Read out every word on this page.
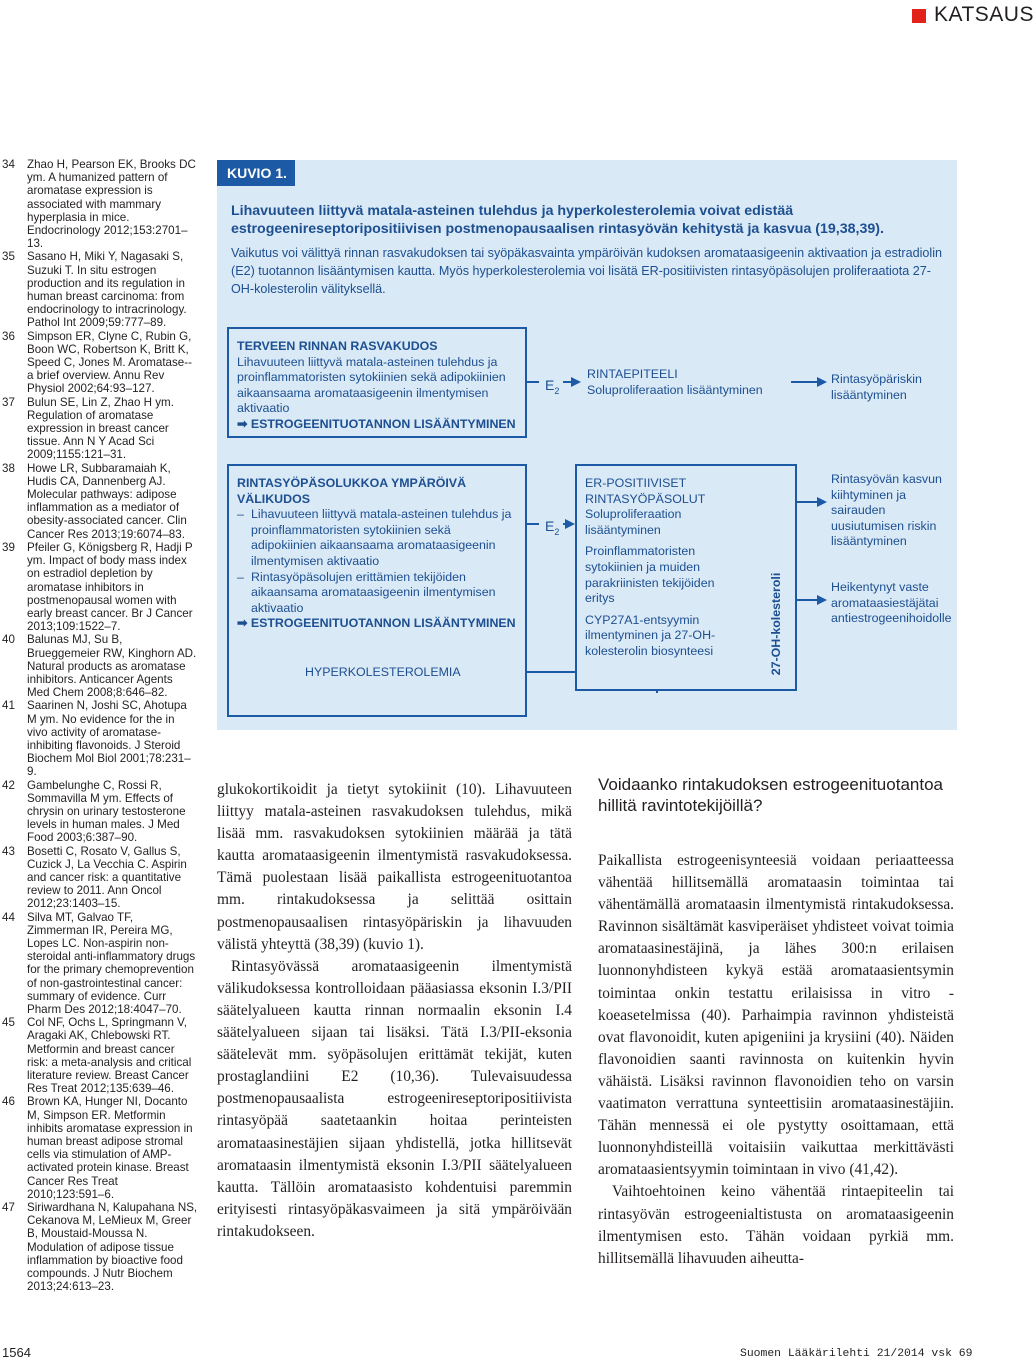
KATSAUS
34	Zhao H, Pearson EK, Brooks DC ym. A humanized pattern of aromatase expression is associated with mammary hyperplasia in mice. Endocrinology 2012;153:2701–13.
35	Sasano H, Miki Y, Nagasaki S, Suzuki T. In situ estrogen production and its regulation in human breast carcinoma: from endocrinology to intracrinology. Pathol Int 2009;59:777–89.
36	Simpson ER, Clyne C, Rubin G, Boon WC, Robertson K, Britt K, Speed C, Jones M. Aromatase--a brief overview. Annu Rev Physiol 2002;64:93–127.
37	Bulun SE, Lin Z, Zhao H ym. Regulation of aromatase expression in breast cancer tissue. Ann N Y Acad Sci 2009;1155:121–31.
38	Howe LR, Subbaramaiah K, Hudis CA, Dannenberg AJ. Molecular pathways: adipose inflammation as a mediator of obesity-associated cancer. Clin Cancer Res 2013;19:6074–83.
39	Pfeiler G, Königsberg R, Hadji P ym. Impact of body mass index on estradiol depletion by aromatase inhibitors in postmenopausal women with early breast cancer. Br J Cancer 2013;109:1522–7.
40	Balunas MJ, Su B, Brueggemeier RW, Kinghorn AD. Natural products as aromatase inhibitors. Anticancer Agents Med Chem 2008;8:646–82.
41	Saarinen N, Joshi SC, Ahotupa M ym. No evidence for the in vivo activity of aromatase-inhibiting flavonoids. J Steroid Biochem Mol Biol 2001;78:231–9.
42	Gambelunghe C, Rossi R, Sommavilla M ym. Effects of chrysin on urinary testosterone levels in human males. J Med Food 2003;6:387–90.
43	Bosetti C, Rosato V, Gallus S, Cuzick J, La Vecchia C. Aspirin and cancer risk: a quantitative review to 2011. Ann Oncol 2012;23:1403–15.
44	Silva MT, Galvao TF, Zimmerman IR, Pereira MG, Lopes LC. Non-aspirin non-steroidal anti-inflammatory drugs for the primary chemoprevention of non-gastrointestinal cancer: summary of evidence. Curr Pharm Des 2012;18:4047–70.
45	Col NF, Ochs L, Springmann V, Aragaki AK, Chlebowski RT. Metformin and breast cancer risk: a meta-analysis and critical literature review. Breast Cancer Res Treat 2012;135:639–46.
46	Brown KA, Hunger NI, Docanto M, Simpson ER. Metformin inhibits aromatase expression in human breast adipose stromal cells via stimulation of AMP-activated protein kinase. Breast Cancer Res Treat 2010;123:591–6.
47	Siriwardhana N, Kalupahana NS, Cekanova M, LeMieux M, Greer B, Moustaid-Moussa N. Modulation of adipose tissue inflammation by bioactive food compounds. J Nutr Biochem 2013;24:613–23.
KUVIO 1.
Lihavuuteen liittyvä matala-asteinen tulehdus ja hyperkolesterolemia voivat edistää estrogeenireseptoripositiivisen postmenopausaalisen rintasyövän kehitystä ja kasvua (19,38,39).
Vaikutus voi välittyä rinnan rasvakudoksen tai syöpäkasvainta ympäröivän kudoksen aromataasigeenin aktivaation ja estradiolin (E2) tuotannon lisääntymisen kautta. Myös hyperkolesterolemia voi lisätä ER-positiivisten rintasyöpäsolujen proliferaatiota 27-OH-kolesterolin välityksellä.
TERVEEN RINNAN RASVAKUDOS
Lihavuuteen liittyvä matala-asteinen tulehdus ja proinflammatoristen sytokiinien sekä adipokiinien aikaansaama aromataasigeenin ilmentymisen aktivaatio
➡ ESTROGEENITUOTANNON LISÄÄNTYMINEN
RINTASYÖPÄSOLUKKOA YMPÄRÖIVÄ VÄLIKUDOS
– Lihavuuteen liittyvä matala-asteinen tulehdus ja proinflammatoristen sytokiinien sekä adipokiinien aikaansaama aromataasigeenin ilmentymisen aktivaatio
– Rintasyöpäsolujen erittämien tekijöiden aikaansama aromataasigeenin ilmentymisen aktivaatio
➡ ESTROGEENITUOTANNON LISÄÄNTYMINEN
HYPERKOLESTEROLEMIA
$E_2$
$E_2$
RINTAEPITEELI
Soluproliferaation lisääntyminen
ER-POSITIIVISET RINTASYÖPÄSOLUT
Soluproliferaation lisääntyminen
Proinflammatoristen sytokiinien ja muiden parakriinisten tekijöiden eritys
CYP27A1-entsyymin ilmentyminen ja 27-OH-kolesterolin biosynteesi	27-OH-kolesteroli
Rintasyöpäriskin lisääntyminen
Rintasyövän kasvun kiihtyminen ja sairauden uusiutumisen riskin lisääntyminen
Heikentynyt vaste aromataasiestäjätai antiestrogeenihoidolle

glukokortikoidit ja tietyt sytokiinit (10). Lihavuuteen liittyy matala-asteinen rasvakudoksen tulehdus, mikä lisää mm. rasvakudoksen sytokiinien määrää ja tätä kautta aromataasigeenin ilmentymistä rasvakudoksessa. Tämä puolestaan lisää paikallista estrogeenituotantoa mm. rintakudoksessa ja selittää osittain postmenopausaalisen rintasyöpäriskin ja lihavuuden välistä yhteyttä (38,39) (kuvio 1).

Rintasyövässä aromataasigeenin ilmentymistä välikudoksessa kontrolloidaan pääasiassa eksonin I.3/PII säätelyalueen kautta rinnan normaalin eksonin I.4 säätelyalueen sijaan tai lisäksi. Tätä I.3/PII-eksonia säätelevät mm. syöpäsolujen erittämät tekijät, kuten prostaglandiini E2 (10,36). Tulevaisuudessa postmenopausaalista estrogeenireseptoripositiivista rintasyöpää saatetaankin hoitaa perinteisten aromataasinestäjien sijaan yhdistellä, jotka hillitsevät aromataasin ilmentymistä eksonin I.3/PII säätelyalueen kautta. Tällöin aromataasisto kohdentuisi paremmin erityisesti rintasyöpäkasvaimeen ja sitä ympäröivään rintakudokseen.

Voidaanko rintakudoksen estrogeenituotantoa hillitä ravintotekijöillä?

Paikallista estrogeenisynteesiä voidaan periaatteessa vähentää hillitsemällä aromataasin toimintaa tai vähentämällä aromataasin ilmentymistä rintakudoksessa. Ravinnon sisältämät kasviperäiset yhdisteet voivat toimia aromataasinestäjinä, ja lähes 300:n erilaisen luonnonyhdisteen kykyä estää aromataasientsymin toimintaa onkin testattu erilaisissa in vitro -koeasetelmissa (40). Parhaimpia ravinnon yhdisteistä ovat flavonoidit, kuten apigeniini ja krysiini (40). Näiden flavonoidien saanti ravinnosta on kuitenkin hyvin vähäistä. Lisäksi ravinnon flavonoidien teho on varsin vaatimaton verrattuna synteettisiin aromataasinestäjiin. Tähän mennessä ei ole pystytty osoittamaan, että luonnonyhdisteillä voitaisiin vaikuttaa merkittävästi aromataasientsyymin toimintaan in vivo (41,42).

Vaihtoehtoinen keino vähentää rintaepiteelin tai rintasyövän estrogeenialtistusta on aromataasigeenin ilmentymisen esto. Tähän voidaan pyrkiä mm. hillitsemällä lihavuuden aiheutta-

1564	Suomen Lääkärilehti 21/2014 vsk 69
